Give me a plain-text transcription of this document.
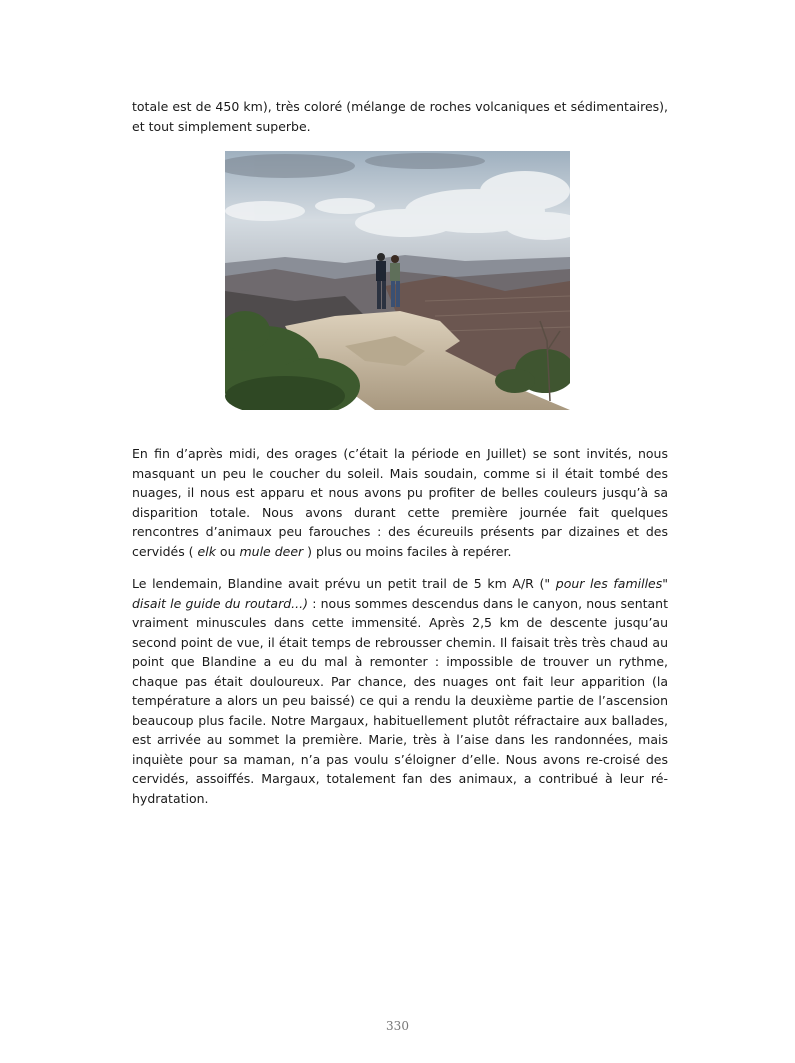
totale est de 450 km), très coloré (mélange de roches volcaniques et sédimentaires), et tout simplement superbe.

En fin d’après midi, des orages (c’était la période en Juillet) se sont invités, nous masquant un peu le coucher du soleil. Mais soudain, comme si il était tombé des nuages, il nous est apparu et nous avons pu profiter de belles couleurs jusqu’à sa disparition totale. Nous avons durant cette première journée fait quelques rencontres d’animaux peu farouches : des écureuils présents par dizaines et des cervidés ( elk ou mule deer ) plus ou moins faciles à repérer.

Le lendemain, Blandine avait prévu un petit trail de 5 km A/R (" pour les familles" disait le guide du routard...) : nous sommes descendus dans le canyon, nous sentant vraiment minuscules dans cette immensité. Après 2,5 km de descente jusqu’au second point de vue, il était temps de rebrousser chemin. Il faisait très très chaud au point que Blandine a eu du mal à remonter : impossible de trouver un rythme, chaque pas était douloureux. Par chance, des nuages ont fait leur apparition (la température a alors un peu baissé) ce qui a rendu la deuxième partie de l’ascension beaucoup plus facile. Notre Margaux, habituellement plutôt réfractaire aux ballades, est arrivée au sommet la première. Marie, très à l’aise dans les randonnées, mais inquiète pour sa maman, n’a pas voulu s’éloigner d’elle. Nous avons re-croisé des cervidés, assoiffés. Margaux, totalement fan des animaux, a contribué à leur ré-hydratation.

330
